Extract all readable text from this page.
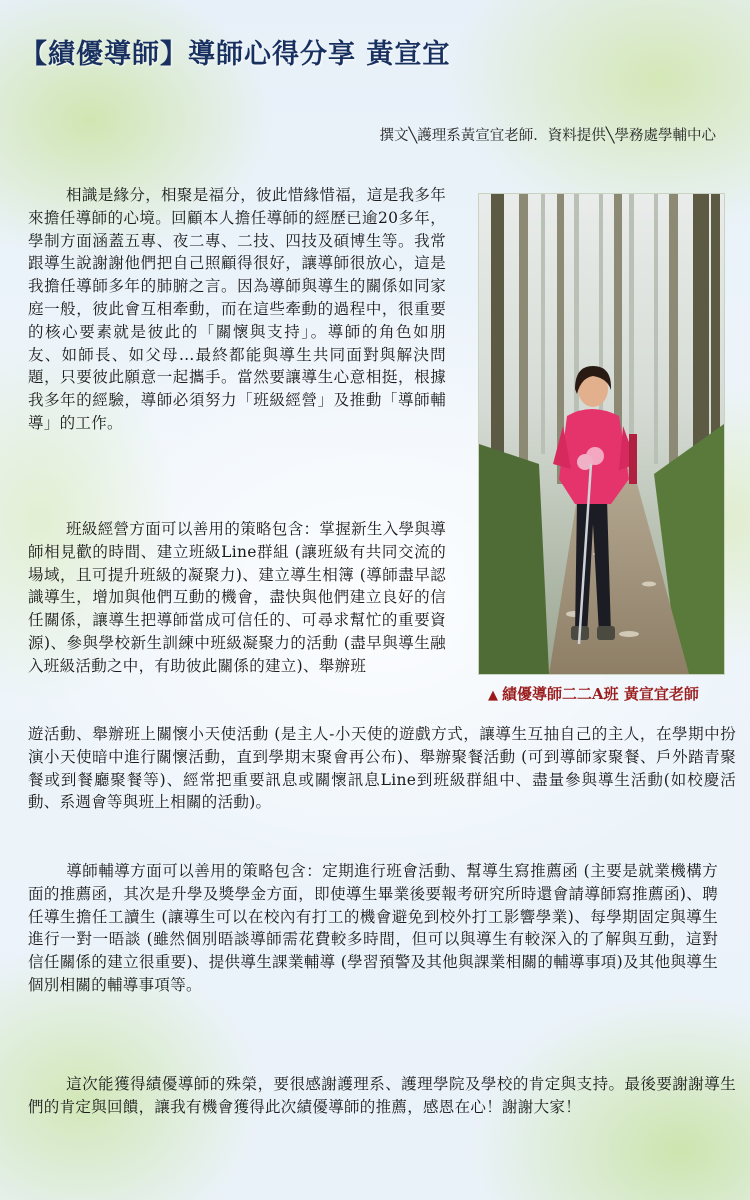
【績優導師】導師心得分享 黃宣宜
撰文╲護理系黃宣宜老師．資料提供╲學務處學輔中心

相識是緣分，相聚是福分，彼此惜緣惜福，這是我多年來擔任導師的心境。回顧本人擔任導師的經歷已逾20多年，學制方面涵蓋五專、夜二專、二技、四技及碩博生等。我常跟導生說謝謝他們把自己照顧得很好，讓導師很放心，這是我擔任導師多年的肺腑之言。因為導師與導生的關係如同家庭一般，彼此會互相牽動，而在這些牽動的過程中，很重要的核心要素就是彼此的「關懷與支持」。導師的角色如朋友、如師長、如父母…最終都能與導生共同面對與解決問題，只要彼此願意一起攜手。當然要讓導生心意相挺，根據我多年的經驗，導師必須努力「班級經營」及推動「導師輔導」的工作。

▲ 績優導師二二A班 黃宣宜老師

班級經營方面可以善用的策略包含：掌握新生入學與導師相見歡的時間、建立班級Line群組 (讓班級有共同交流的場域，且可提升班級的凝聚力)、建立導生相簿 (導師盡早認識導生，增加與他們互動的機會，盡快與他們建立良好的信任關係，讓導生把導師當成可信任的、可尋求幫忙的重要資源)、參與學校新生訓練中班級凝聚力的活動 (盡早與導生融入班級活動之中，有助彼此關係的建立)、舉辦班

遊活動、舉辦班上關懷小天使活動 (是主人-小天使的遊戲方式，讓導生互抽自己的主人，在學期中扮演小天使暗中進行關懷活動，直到學期末聚會再公布)、舉辦聚餐活動 (可到導師家聚餐、戶外踏青聚餐或到餐廳聚餐等)、經常把重要訊息或關懷訊息Line到班級群組中、盡量參與導生活動(如校慶活動、系週會等與班上相關的活動)。

導師輔導方面可以善用的策略包含：定期進行班會活動、幫導生寫推薦函 (主要是就業機構方面的推薦函，其次是升學及獎學金方面，即使導生畢業後要報考研究所時還會請導師寫推薦函)、聘任導生擔任工讀生 (讓導生可以在校內有打工的機會避免到校外打工影響學業)、每學期固定與導生進行一對一晤談 (雖然個別晤談導師需花費較多時間，但可以與導生有較深入的了解與互動，這對信任關係的建立很重要)、提供導生課業輔導 (學習預警及其他與課業相關的輔導事項)及其他與導生個別相關的輔導事項等。

這次能獲得績優導師的殊榮，要很感謝護理系、護理學院及學校的肯定與支持。最後要謝謝導生們的肯定與回饋，讓我有機會獲得此次績優導師的推薦，感恩在心！謝謝大家！
